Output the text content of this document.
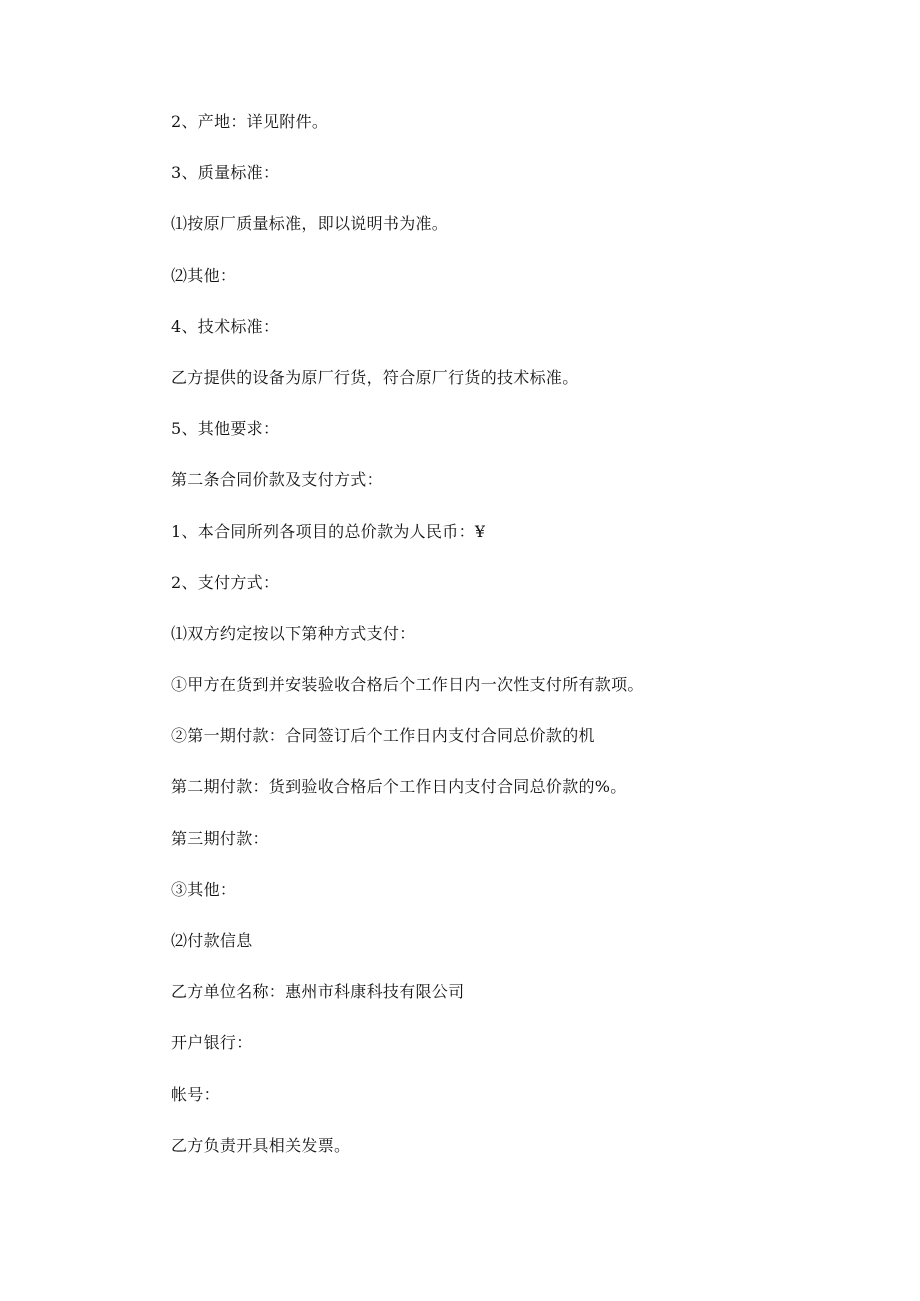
2、产地：详见附件。

3、质量标准：

⑴按原厂质量标准，即以说明书为准。

⑵其他：

4、技术标准：

乙方提供的设备为原厂行货，符合原厂行货的技术标准。

5、其他要求：

第二条合同价款及支付方式：

1、本合同所列各项目的总价款为人民币：¥

2、支付方式：

⑴双方约定按以下第种方式支付：

①甲方在货到并安装验收合格后个工作日内一次性支付所有款项。

②第一期付款：合同签订后个工作日内支付合同总价款的机

第二期付款：货到验收合格后个工作日内支付合同总价款的%。

第三期付款：

③其他：

⑵付款信息

乙方单位名称：惠州市科康科技有限公司

开户银行：

帐号：

乙方负责开具相关发票。
